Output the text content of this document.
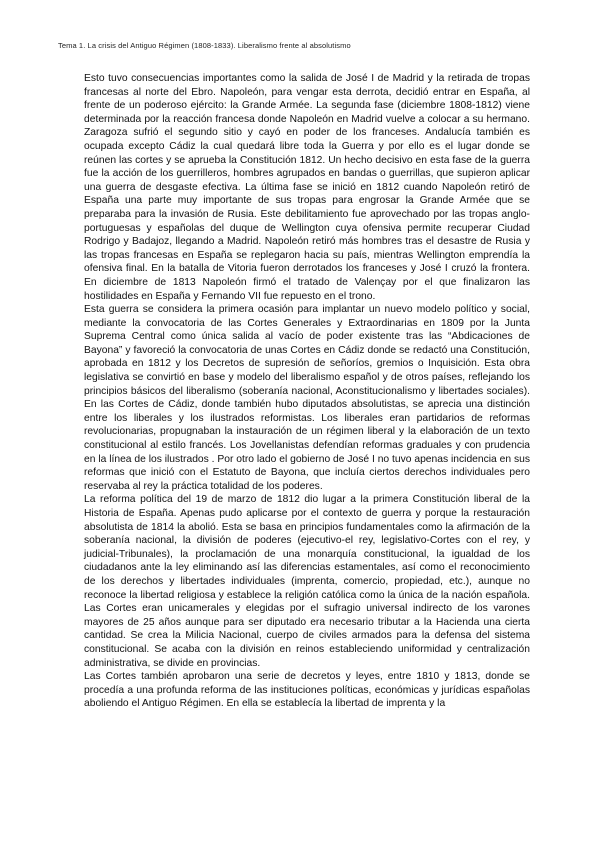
Tema 1. La crisis del Antiguo Régimen (1808-1833). Liberalismo frente al absolutismo

Esto tuvo consecuencias importantes como la salida de José I de Madrid y la retirada de tropas francesas al norte del Ebro. Napoleón, para vengar esta derrota, decidió entrar en España, al frente de un poderoso ejército: la Grande Armée. La segunda fase (diciembre 1808-1812) viene determinada por la reacción francesa donde Napoleón en Madrid vuelve a colocar a su hermano. Zaragoza sufrió el segundo sitio y cayó en poder de los franceses. Andalucía también es ocupada excepto Cádiz la cual quedará libre toda la Guerra y por ello es el lugar donde se reúnen las cortes y se aprueba la Constitución 1812. Un hecho decisivo en esta fase de la guerra fue la acción de los guerrilleros, hombres agrupados en bandas o guerrillas, que supieron aplicar una guerra de desgaste efectiva. La última fase se inició en 1812 cuando Napoleón retiró de España una parte muy importante de sus tropas para engrosar la Grande Armée que se preparaba para la invasión de Rusia. Este debilitamiento fue aprovechado por las tropas anglo-portuguesas y españolas del duque de Wellington cuya ofensiva permite recuperar Ciudad Rodrigo y Badajoz, llegando a Madrid. Napoleón retiró más hombres tras el desastre de Rusia y las tropas francesas en España se replegaron hacia su país, mientras Wellington emprendía la ofensiva final. En la batalla de Vitoria fueron derrotados los franceses y José I cruzó la frontera. En diciembre de 1813 Napoleón firmó el tratado de Valençay por el que finalizaron las hostilidades en España y Fernando VII fue repuesto en el trono.

Esta guerra se considera la primera ocasión para implantar un nuevo modelo político y social, mediante la convocatoria de las Cortes Generales y Extraordinarias en 1809 por la Junta Suprema Central como única salida al vacío de poder existente tras las “Abdicaciones de Bayona” y favoreció la convocatoria de unas Cortes en Cádiz donde se redactó una Constitución, aprobada en 1812 y los Decretos de supresión de señoríos, gremios o Inquisición. Esta obra legislativa se convirtió en base y modelo del liberalismo español y de otros países, reflejando los principios básicos del liberalismo (soberanía nacional, Aconstitucionalismo y libertades sociales). En las Cortes de Cádiz, donde también hubo diputados absolutistas, se aprecia una distinción entre los liberales y los ilustrados reformistas. Los liberales eran partidarios de reformas revolucionarias, propugnaban la instauración de un régimen liberal y la elaboración de un texto constitucional al estilo francés. Los Jovellanistas defendían reformas graduales y con prudencia en la línea de los ilustrados . Por otro lado el gobierno de José I no tuvo apenas incidencia en sus reformas que inició con el Estatuto de Bayona, que incluía ciertos derechos individuales pero reservaba al rey la práctica totalidad de los poderes.

La reforma política del 19 de marzo de 1812 dio lugar a la primera Constitución liberal de la Historia de España. Apenas pudo aplicarse por el contexto de guerra y porque la restauración absolutista de 1814 la abolió. Esta se basa en principios fundamentales como la afirmación de la soberanía nacional, la división de poderes (ejecutivo-el rey, legislativo-Cortes con el rey, y judicial-Tribunales), la proclamación de una monarquía constitucional, la igualdad de los ciudadanos ante la ley eliminando así las diferencias estamentales, así como el reconocimiento de los derechos y libertades individuales (imprenta, comercio, propiedad, etc.), aunque no reconoce la libertad religiosa y establece la religión católica como la única de la nación española. Las Cortes eran unicamerales y elegidas por el sufragio universal indirecto de los varones mayores de 25 años aunque para ser diputado era necesario tributar a la Hacienda una cierta cantidad. Se crea la Milicia Nacional, cuerpo de civiles armados para la defensa del sistema constitucional. Se acaba con la división en reinos estableciendo uniformidad y centralización administrativa, se divide en provincias.

Las Cortes también aprobaron una serie de decretos y leyes, entre 1810 y 1813, donde se procedía a una profunda reforma de las instituciones políticas, económicas y jurídicas españolas aboliendo el Antiguo Régimen. En ella se establecía la libertad de imprenta y la
